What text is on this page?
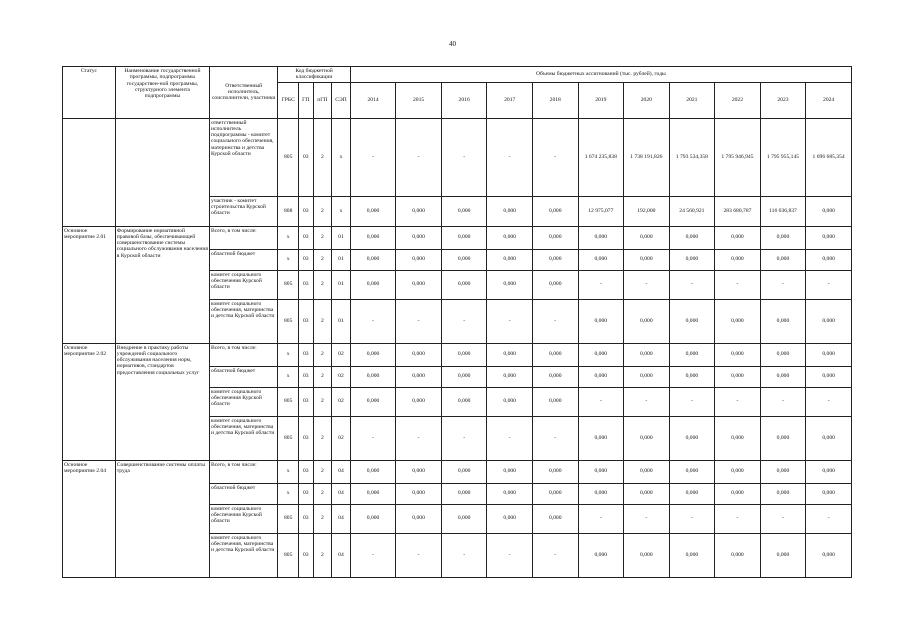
40
Статус	Наименование государственной программы, подпрограммы государствен-ной программы, структурного элемента подпрограммы	Ответственный исполнитель, соисполнители, участники	Код бюджетной классификации				Объемы бюджетных ассигнований (тыс. рублей), годы										
			ГРБС	ГП	пГП	СЭП	2014	2015	2016	2017	2018	2019	2020	2021	2022	2023	2024
		ответственный исполнитель подпрограммы - комитет социального обеспечения, материнства и детства Курской области	805	03	2	х	-	-	-	-	-	1 674 235,838	1 738 191,826	1 793 534,358	1 795 946,945	1 795 955,145	1 696 685,354
		участник - комитет строительства Курской области	808	03	2	х	0,000	0,000	0,000	0,000	0,000	12 975,077	192,000	24 560,921	283 680,787	116 036,837	0,000
Основное мероприятие 2.01	Формирование нормативной правовой базы, обеспечивающей совершенствование системы социального обслуживания населения в Курской области	Всего, в том числе:	х	03	2	01	0,000	0,000	0,000	0,000	0,000	0,000	0,000	0,000	0,000	0,000	0,000
		областной бюджет	х	03	2	01	0,000	0,000	0,000	0,000	0,000	0,000	0,000	0,000	0,000	0,000	0,000
		комитет социального обеспечения Курской области	805	03	2	01	0,000	0,000	0,000	0,000	0,000	-	-	-	-	-	-
		комитет социального обеспечения, материнства и детства Курской области	805	03	2	01	-	-	-	-	-	0,000	0,000	0,000	0,000	0,000	0,000
Основное мероприятие 2.02	Внедрение в практику работы учреждений социального обслуживания населения норм, нормативов, стандартов предоставления социальных услуг	Всего, в том числе:	х	03	2	02	0,000	0,000	0,000	0,000	0,000	0,000	0,000	0,000	0,000	0,000	0,000
		областной бюджет	х	03	2	02	0,000	0,000	0,000	0,000	0,000	0,000	0,000	0,000	0,000	0,000	0,000
		комитет социального обеспечения Курской области	805	03	2	02	0,000	0,000	0,000	0,000	0,000	-	-	-	-	-	-
		комитет социального обеспечения, материнства и детства Курской области	805	03	2	02	-	-	-	-	-	0,000	0,000	0,000	0,000	0,000	0,000
Основное мероприятие 2.04	Совершенствование системы оплаты труда	Всего, в том числе:	х	03	2	04	0,000	0,000	0,000	0,000	0,000	0,000	0,000	0,000	0,000	0,000	0,000
		областной бюджет	х	03	2	04	0,000	0,000	0,000	0,000	0,000	0,000	0,000	0,000	0,000	0,000	0,000
		комитет социального обеспечения Курской области	805	03	2	04	0,000	0,000	0,000	0,000	0,000	-	-	-	-	-	-
		комитет социального обеспечения, материнства и детства Курской области	805	03	2	04	-	-	-	-	-	0,000	0,000	0,000	0,000	0,000	0,000
